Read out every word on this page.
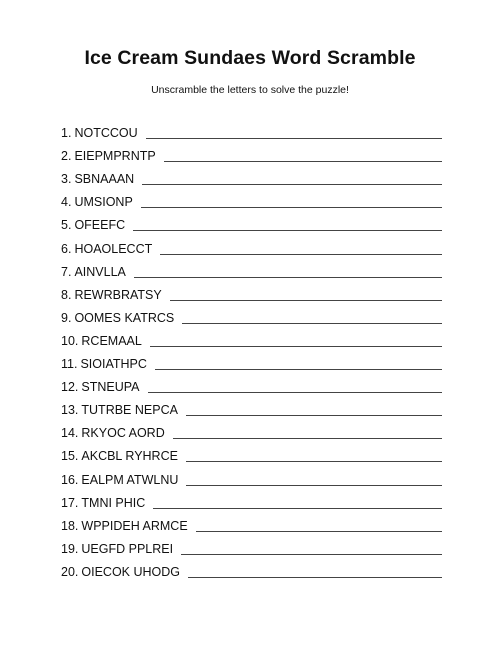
Ice Cream Sundaes Word Scramble
Unscramble the letters to solve the puzzle!
1. NOTCCOU
2. EIEPMPRNTP
3. SBNAAAN
4. UMSIONP
5. OFEEFC
6. HOAOLECCT
7. AINVLLA
8. REWRBRATSY
9. OOMES KATRCS
10. RCEMAAL
11. SIOIATHPC
12. STNEUPA
13. TUTRBE NEPCA
14. RKYOC AORD
15. AKCBL RYHRCE
16. EALPM ATWLNU
17. TMNI PHIC
18. WPPIDEH ARMCE
19. UEGFD PPLREI
20. OIECOK UHODG
